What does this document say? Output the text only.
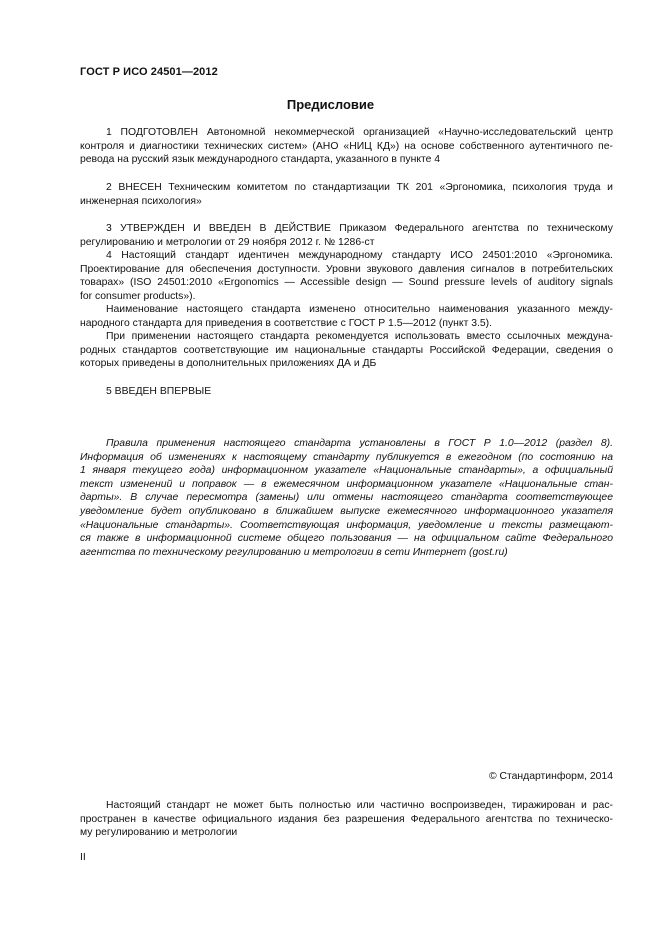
ГОСТ Р ИСО 24501—2012
Предисловие
1 ПОДГОТОВЛЕН Автономной некоммерческой организацией «Научно-исследовательский центр
контроля и диагностики технических систем» (АНО «НИЦ КД») на основе собственного аутентичного пе-
ревода на русский язык международного стандарта, указанного в пункте 4
2 ВНЕСЕН Техническим комитетом по стандартизации ТК 201 «Эргономика, психология труда и
инженерная психология»
3 УТВЕРЖДЕН И ВВЕДЕН В ДЕЙСТВИЕ Приказом Федерального агентства по техническому
регулированию и метрологии от 29 ноября 2012 г. № 1286-ст
4 Настоящий стандарт идентичен международному стандарту ИСО 24501:2010 «Эргономика.
Проектирование для обеспечения доступности. Уровни звукового давления сигналов в потребительских
товарах» (ISO 24501:2010 «Ergonomics — Accessible design — Sound pressure levels of auditory signals
for consumer products»).
Наименование настоящего стандарта изменено относительно наименования указанного между-
народного стандарта для приведения в соответствие с ГОСТ Р 1.5—2012 (пункт 3.5).
При применении настоящего стандарта рекомендуется использовать вместо ссылочных междуна-
родных стандартов соответствующие им национальные стандарты Российской Федерации, сведения о
которых приведены в дополнительных приложениях ДА и ДБ
5 ВВЕДЕН ВПЕРВЫЕ
Правила применения настоящего стандарта установлены в ГОСТ Р 1.0—2012 (раздел 8).
Информация об изменениях к настоящему стандарту публикуется в ежегодном (по состоянию на
1 января текущего года) информационном указателе «Национальные стандарты», а официальный
текст изменений и поправок — в ежемесячном информационном указателе «Национальные стан-
дарты». В случае пересмотра (замены) или отмены настоящего стандарта соответствующее
уведомление будет опубликовано в ближайшем выпуске ежемесячного информационного указателя
«Национальные стандарты». Соответствующая информация, уведомление и тексты размещают-
ся также в информационной системе общего пользования — на официальном сайте Федерального
агентства по техническому регулированию и метрологии в сети Интернет (gost.ru)
© Стандартинформ, 2014
Настоящий стандарт не может быть полностью или частично воспроизведен, тиражирован и рас-
пространен в качестве официального издания без разрешения Федерального агентства по техническо-
му регулированию и метрологии
II
